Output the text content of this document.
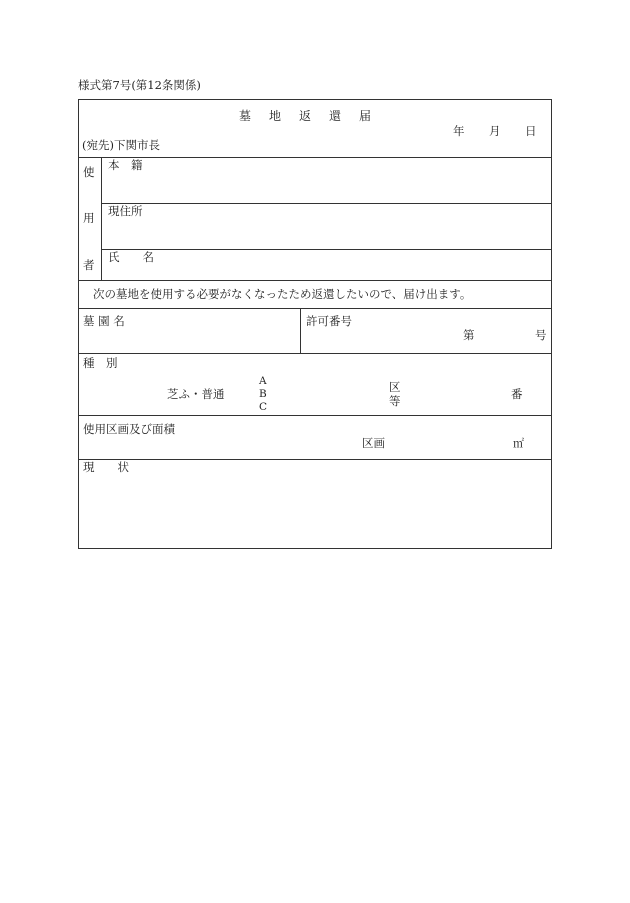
様式第7号(第12条関係)
墓　地　返　還　届
年 月 日
(宛先)下関市長
使
用
者
本　籍
現住所
氏　　名
次の墓地を使用する必要がなくなったため返還したいので、届け出ます。
墓 園 名	許可番号
第	号
種　別
芝ふ・普通
A
B
C
区
等	番
使用区画及び面積
区画	㎡
現　　状
